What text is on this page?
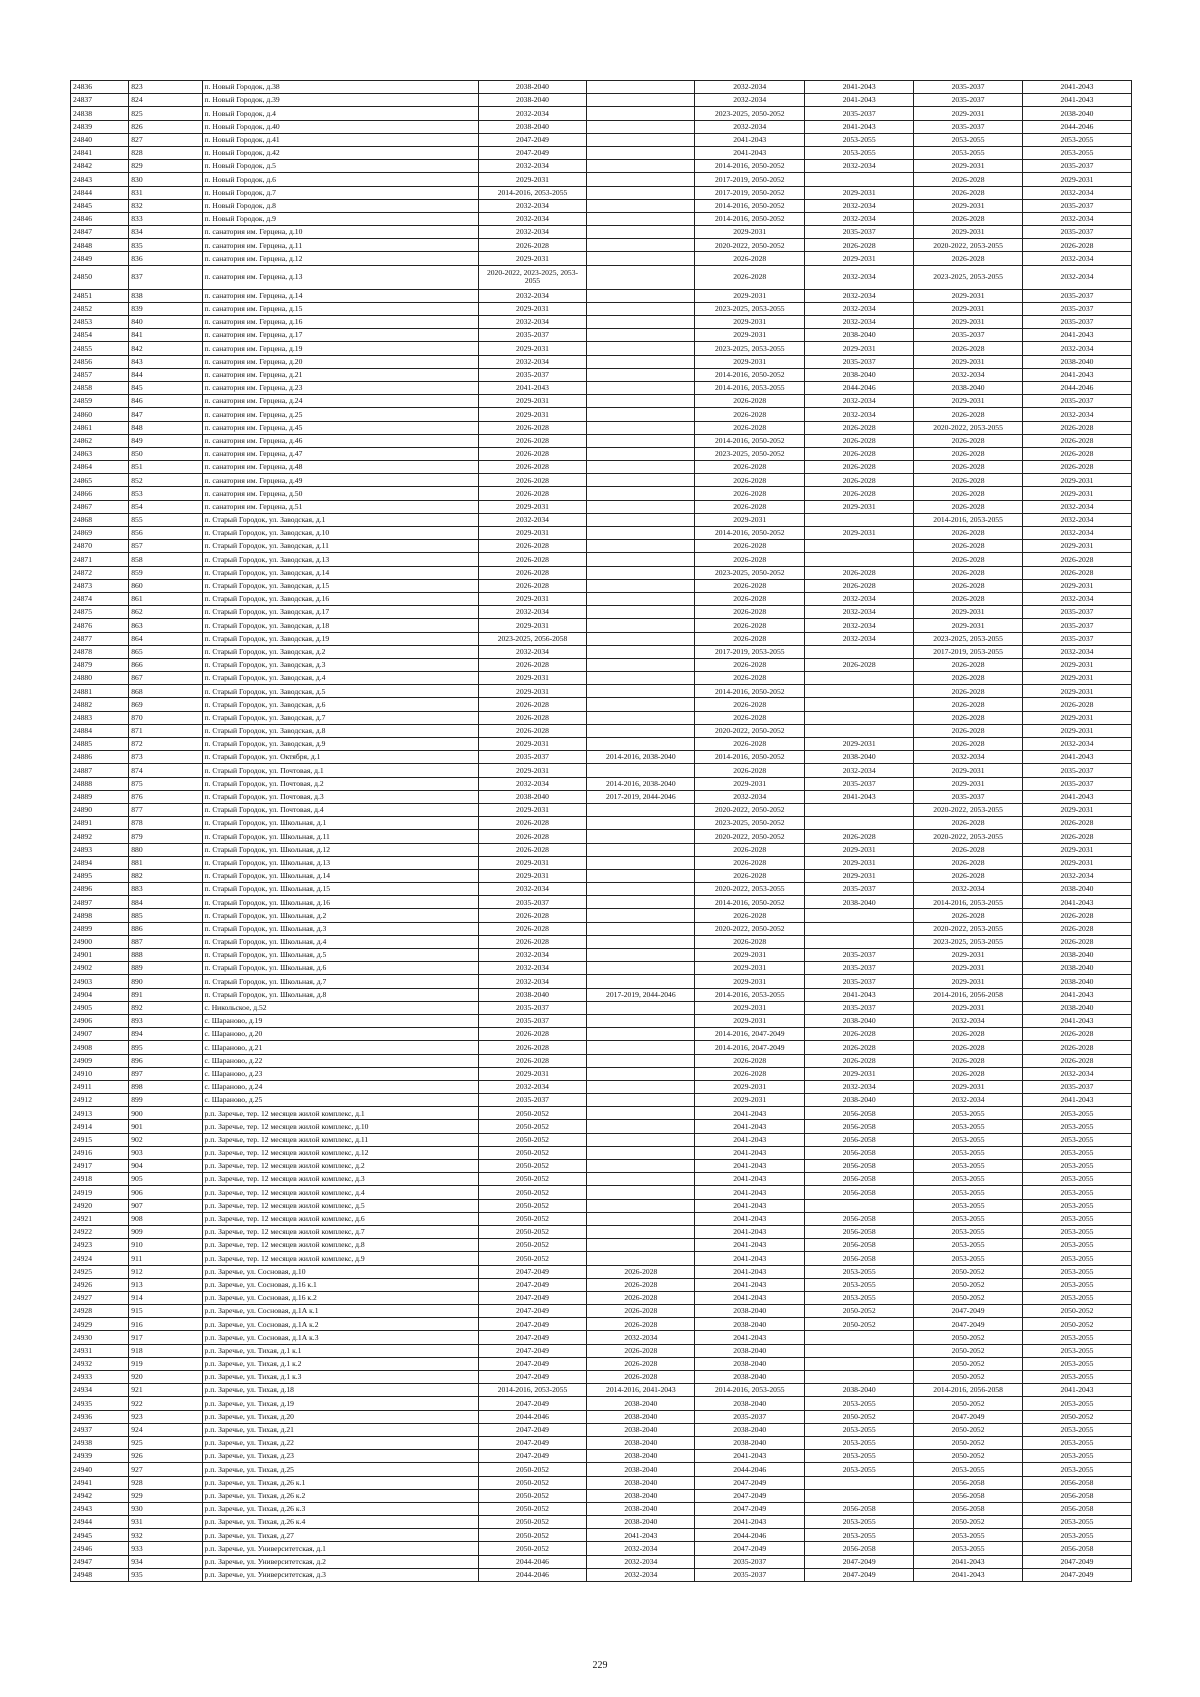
24836	823	п. Новый Городок, д.38	2038-2040		2032-2034	2041-2043	2035-2037	2041-2043
24837	824	п. Новый Городок, д.39	2038-2040		2032-2034	2041-2043	2035-2037	2041-2043
24838	825	п. Новый Городок, д.4	2032-2034		2023-2025, 2050-2052	2035-2037	2029-2031	2038-2040
24839	826	п. Новый Городок, д.40	2038-2040		2032-2034	2041-2043	2035-2037	2044-2046
24840	827	п. Новый Городок, д.41	2047-2049		2041-2043	2053-2055	2053-2055	2053-2055
24841	828	п. Новый Городок, д.42	2047-2049		2041-2043	2053-2055	2053-2055	2053-2055
24842	829	п. Новый Городок, д.5	2032-2034		2014-2016, 2050-2052	2032-2034	2029-2031	2035-2037
24843	830	п. Новый Городок, д.6	2029-2031		2017-2019, 2050-2052		2026-2028	2029-2031
24844	831	п. Новый Городок, д.7	2014-2016, 2053-2055		2017-2019, 2050-2052	2029-2031	2026-2028	2032-2034
24845	832	п. Новый Городок, д.8	2032-2034		2014-2016, 2050-2052	2032-2034	2029-2031	2035-2037
24846	833	п. Новый Городок, д.9	2032-2034		2014-2016, 2050-2052	2032-2034	2026-2028	2032-2034
24847	834	п. санатория им. Герцена, д.10	2032-2034		2029-2031	2035-2037	2029-2031	2035-2037
24848	835	п. санатория им. Герцена, д.11	2026-2028		2020-2022, 2050-2052	2026-2028	2020-2022, 2053-2055	2026-2028
24849	836	п. санатория им. Герцена, д.12	2029-2031		2026-2028	2029-2031	2026-2028	2032-2034
24850	837	п. санатория им. Герцена, д.13	2020-2022, 2023-2025, 2053-2055		2026-2028	2032-2034	2023-2025, 2053-2055	2032-2034
24851	838	п. санатория им. Герцена, д.14	2032-2034		2029-2031	2032-2034	2029-2031	2035-2037
24852	839	п. санатория им. Герцена, д.15	2029-2031		2023-2025, 2053-2055	2032-2034	2029-2031	2035-2037
24853	840	п. санатория им. Герцена, д.16	2032-2034		2029-2031	2032-2034	2029-2031	2035-2037
24854	841	п. санатория им. Герцена, д.17	2035-2037		2029-2031	2038-2040	2035-2037	2041-2043
24855	842	п. санатория им. Герцена, д.19	2029-2031		2023-2025, 2053-2055	2029-2031	2026-2028	2032-2034
24856	843	п. санатория им. Герцена, д.20	2032-2034		2029-2031	2035-2037	2029-2031	2038-2040
24857	844	п. санатория им. Герцена, д.21	2035-2037		2014-2016, 2050-2052	2038-2040	2032-2034	2041-2043
24858	845	п. санатория им. Герцена, д.23	2041-2043		2014-2016, 2053-2055	2044-2046	2038-2040	2044-2046
24859	846	п. санатория им. Герцена, д.24	2029-2031		2026-2028	2032-2034	2029-2031	2035-2037
24860	847	п. санатория им. Герцена, д.25	2029-2031		2026-2028	2032-2034	2026-2028	2032-2034
24861	848	п. санатория им. Герцена, д.45	2026-2028		2026-2028	2026-2028	2020-2022, 2053-2055	2026-2028
24862	849	п. санатория им. Герцена, д.46	2026-2028		2014-2016, 2050-2052	2026-2028	2026-2028	2026-2028
24863	850	п. санатория им. Герцена, д.47	2026-2028		2023-2025, 2050-2052	2026-2028	2026-2028	2026-2028
24864	851	п. санатория им. Герцена, д.48	2026-2028		2026-2028	2026-2028	2026-2028	2026-2028
24865	852	п. санатория им. Герцена, д.49	2026-2028		2026-2028	2026-2028	2026-2028	2029-2031
24866	853	п. санатория им. Герцена, д.50	2026-2028		2026-2028	2026-2028	2026-2028	2029-2031
24867	854	п. санатория им. Герцена, д.51	2029-2031		2026-2028	2029-2031	2026-2028	2032-2034
24868	855	п. Старый Городок, ул. Заводская, д.1	2032-2034		2029-2031		2014-2016, 2053-2055	2032-2034
24869	856	п. Старый Городок, ул. Заводская, д.10	2029-2031		2014-2016, 2050-2052	2029-2031	2026-2028	2032-2034
24870	857	п. Старый Городок, ул. Заводская, д.11	2026-2028		2026-2028		2026-2028	2029-2031
24871	858	п. Старый Городок, ул. Заводская, д.13	2026-2028		2026-2028		2026-2028	2026-2028
24872	859	п. Старый Городок, ул. Заводская, д.14	2026-2028		2023-2025, 2050-2052	2026-2028	2026-2028	2026-2028
24873	860	п. Старый Городок, ул. Заводская, д.15	2026-2028		2026-2028	2026-2028	2026-2028	2029-2031
24874	861	п. Старый Городок, ул. Заводская, д.16	2029-2031		2026-2028	2032-2034	2026-2028	2032-2034
24875	862	п. Старый Городок, ул. Заводская, д.17	2032-2034		2026-2028	2032-2034	2029-2031	2035-2037
24876	863	п. Старый Городок, ул. Заводская, д.18	2029-2031		2026-2028	2032-2034	2029-2031	2035-2037
24877	864	п. Старый Городок, ул. Заводская, д.19	2023-2025, 2056-2058		2026-2028	2032-2034	2023-2025, 2053-2055	2035-2037
24878	865	п. Старый Городок, ул. Заводская, д.2	2032-2034		2017-2019, 2053-2055		2017-2019, 2053-2055	2032-2034
24879	866	п. Старый Городок, ул. Заводская, д.3	2026-2028		2026-2028	2026-2028	2026-2028	2029-2031
24880	867	п. Старый Городок, ул. Заводская, д.4	2029-2031		2026-2028		2026-2028	2029-2031
24881	868	п. Старый Городок, ул. Заводская, д.5	2029-2031		2014-2016, 2050-2052		2026-2028	2029-2031
24882	869	п. Старый Городок, ул. Заводская, д.6	2026-2028		2026-2028		2026-2028	2026-2028
24883	870	п. Старый Городок, ул. Заводская, д.7	2026-2028		2026-2028		2026-2028	2029-2031
24884	871	п. Старый Городок, ул. Заводская, д.8	2026-2028		2020-2022, 2050-2052		2026-2028	2029-2031
24885	872	п. Старый Городок, ул. Заводская, д.9	2029-2031		2026-2028	2029-2031	2026-2028	2032-2034
24886	873	п. Старый Городок, ул. Октября, д.1	2035-2037	2014-2016, 2038-2040	2014-2016, 2050-2052	2038-2040	2032-2034	2041-2043
24887	874	п. Старый Городок, ул. Почтовая, д.1	2029-2031		2026-2028	2032-2034	2029-2031	2035-2037
24888	875	п. Старый Городок, ул. Почтовая, д.2	2032-2034	2014-2016, 2038-2040	2029-2031	2035-2037	2029-2031	2035-2037
24889	876	п. Старый Городок, ул. Почтовая, д.3	2038-2040	2017-2019, 2044-2046	2032-2034	2041-2043	2035-2037	2041-2043
24890	877	п. Старый Городок, ул. Почтовая, д.4	2029-2031		2020-2022, 2050-2052		2020-2022, 2053-2055	2029-2031
24891	878	п. Старый Городок, ул. Школьная, д.1	2026-2028		2023-2025, 2050-2052		2026-2028	2026-2028
24892	879	п. Старый Городок, ул. Школьная, д.11	2026-2028		2020-2022, 2050-2052	2026-2028	2020-2022, 2053-2055	2026-2028
24893	880	п. Старый Городок, ул. Школьная, д.12	2026-2028		2026-2028	2029-2031	2026-2028	2029-2031
24894	881	п. Старый Городок, ул. Школьная, д.13	2029-2031		2026-2028	2029-2031	2026-2028	2029-2031
24895	882	п. Старый Городок, ул. Школьная, д.14	2029-2031		2026-2028	2029-2031	2026-2028	2032-2034
24896	883	п. Старый Городок, ул. Школьная, д.15	2032-2034		2020-2022, 2053-2055	2035-2037	2032-2034	2038-2040
24897	884	п. Старый Городок, ул. Школьная, д.16	2035-2037		2014-2016, 2050-2052	2038-2040	2014-2016, 2053-2055	2041-2043
24898	885	п. Старый Городок, ул. Школьная, д.2	2026-2028		2026-2028		2026-2028	2026-2028
24899	886	п. Старый Городок, ул. Школьная, д.3	2026-2028		2020-2022, 2050-2052		2020-2022, 2053-2055	2026-2028
24900	887	п. Старый Городок, ул. Школьная, д.4	2026-2028		2026-2028		2023-2025, 2053-2055	2026-2028
24901	888	п. Старый Городок, ул. Школьная, д.5	2032-2034		2029-2031	2035-2037	2029-2031	2038-2040
24902	889	п. Старый Городок, ул. Школьная, д.6	2032-2034		2029-2031	2035-2037	2029-2031	2038-2040
24903	890	п. Старый Городок, ул. Школьная, д.7	2032-2034		2029-2031	2035-2037	2029-2031	2038-2040
24904	891	п. Старый Городок, ул. Школьная, д.8	2038-2040	2017-2019, 2044-2046	2014-2016, 2053-2055	2041-2043	2014-2016, 2056-2058	2041-2043
24905	892	с. Никольское, д.52	2035-2037		2029-2031	2035-2037	2029-2031	2038-2040
24906	893	с. Шараново, д.19	2035-2037		2029-2031	2038-2040	2032-2034	2041-2043
24907	894	с. Шараново, д.20	2026-2028		2014-2016, 2047-2049	2026-2028	2026-2028	2026-2028
24908	895	с. Шараново, д.21	2026-2028		2014-2016, 2047-2049	2026-2028	2026-2028	2026-2028
24909	896	с. Шараново, д.22	2026-2028		2026-2028	2026-2028	2026-2028	2026-2028
24910	897	с. Шараново, д.23	2029-2031		2026-2028	2029-2031	2026-2028	2032-2034
24911	898	с. Шараново, д.24	2032-2034		2029-2031	2032-2034	2029-2031	2035-2037
24912	899	с. Шараново, д.25	2035-2037		2029-2031	2038-2040	2032-2034	2041-2043
24913	900	р.п. Заречье, тер. 12 месяцев жилой комплекс, д.1	2050-2052		2041-2043	2056-2058	2053-2055	2053-2055
24914	901	р.п. Заречье, тер. 12 месяцев жилой комплекс, д.10	2050-2052		2041-2043	2056-2058	2053-2055	2053-2055
24915	902	р.п. Заречье, тер. 12 месяцев жилой комплекс, д.11	2050-2052		2041-2043	2056-2058	2053-2055	2053-2055
24916	903	р.п. Заречье, тер. 12 месяцев жилой комплекс, д.12	2050-2052		2041-2043	2056-2058	2053-2055	2053-2055
24917	904	р.п. Заречье, тер. 12 месяцев жилой комплекс, д.2	2050-2052		2041-2043	2056-2058	2053-2055	2053-2055
24918	905	р.п. Заречье, тер. 12 месяцев жилой комплекс, д.3	2050-2052		2041-2043	2056-2058	2053-2055	2053-2055
24919	906	р.п. Заречье, тер. 12 месяцев жилой комплекс, д.4	2050-2052		2041-2043	2056-2058	2053-2055	2053-2055
24920	907	р.п. Заречье, тер. 12 месяцев жилой комплекс, д.5	2050-2052		2041-2043		2053-2055	2053-2055
24921	908	р.п. Заречье, тер. 12 месяцев жилой комплекс, д.6	2050-2052		2041-2043	2056-2058	2053-2055	2053-2055
24922	909	р.п. Заречье, тер. 12 месяцев жилой комплекс, д.7	2050-2052		2041-2043	2056-2058	2053-2055	2053-2055
24923	910	р.п. Заречье, тер. 12 месяцев жилой комплекс, д.8	2050-2052		2041-2043	2056-2058	2053-2055	2053-2055
24924	911	р.п. Заречье, тер. 12 месяцев жилой комплекс, д.9	2050-2052		2041-2043	2056-2058	2053-2055	2053-2055
24925	912	р.п. Заречье, ул. Сосновая, д.10	2047-2049	2026-2028	2041-2043	2053-2055	2050-2052	2053-2055
24926	913	р.п. Заречье, ул. Сосновая, д.16 к.1	2047-2049	2026-2028	2041-2043	2053-2055	2050-2052	2053-2055
24927	914	р.п. Заречье, ул. Сосновая, д.16 к.2	2047-2049	2026-2028	2041-2043	2053-2055	2050-2052	2053-2055
24928	915	р.п. Заречье, ул. Сосновая, д.1А к.1	2047-2049	2026-2028	2038-2040	2050-2052	2047-2049	2050-2052
24929	916	р.п. Заречье, ул. Сосновая, д.1А к.2	2047-2049	2026-2028	2038-2040	2050-2052	2047-2049	2050-2052
24930	917	р.п. Заречье, ул. Сосновая, д.1А к.3	2047-2049	2032-2034	2041-2043		2050-2052	2053-2055
24931	918	р.п. Заречье, ул. Тихая, д.1 к.1	2047-2049	2026-2028	2038-2040		2050-2052	2053-2055
24932	919	р.п. Заречье, ул. Тихая, д.1 к.2	2047-2049	2026-2028	2038-2040		2050-2052	2053-2055
24933	920	р.п. Заречье, ул. Тихая, д.1 к.3	2047-2049	2026-2028	2038-2040		2050-2052	2053-2055
24934	921	р.п. Заречье, ул. Тихая, д.18	2014-2016, 2053-2055	2014-2016, 2041-2043	2014-2016, 2053-2055	2038-2040	2014-2016, 2056-2058	2041-2043
24935	922	р.п. Заречье, ул. Тихая, д.19	2047-2049	2038-2040	2038-2040	2053-2055	2050-2052	2053-2055
24936	923	р.п. Заречье, ул. Тихая, д.20	2044-2046	2038-2040	2035-2037	2050-2052	2047-2049	2050-2052
24937	924	р.п. Заречье, ул. Тихая, д.21	2047-2049	2038-2040	2038-2040	2053-2055	2050-2052	2053-2055
24938	925	р.п. Заречье, ул. Тихая, д.22	2047-2049	2038-2040	2038-2040	2053-2055	2050-2052	2053-2055
24939	926	р.п. Заречье, ул. Тихая, д.23	2047-2049	2038-2040	2041-2043	2053-2055	2050-2052	2053-2055
24940	927	р.п. Заречье, ул. Тихая, д.25	2050-2052	2038-2040	2044-2046	2053-2055	2053-2055	2053-2055
24941	928	р.п. Заречье, ул. Тихая, д.26 к.1	2050-2052	2038-2040	2047-2049		2056-2058	2056-2058
24942	929	р.п. Заречье, ул. Тихая, д.26 к.2	2050-2052	2038-2040	2047-2049		2056-2058	2056-2058
24943	930	р.п. Заречье, ул. Тихая, д.26 к.3	2050-2052	2038-2040	2047-2049	2056-2058	2056-2058	2056-2058
24944	931	р.п. Заречье, ул. Тихая, д.26 к.4	2050-2052	2038-2040	2041-2043	2053-2055	2050-2052	2053-2055
24945	932	р.п. Заречье, ул. Тихая, д.27	2050-2052	2041-2043	2044-2046	2053-2055	2053-2055	2053-2055
24946	933	р.п. Заречье, ул. Университетская, д.1	2050-2052	2032-2034	2047-2049	2056-2058	2053-2055	2056-2058
24947	934	р.п. Заречье, ул. Университетская, д.2	2044-2046	2032-2034	2035-2037	2047-2049	2041-2043	2047-2049
24948	935	р.п. Заречье, ул. Университетская, д.3	2044-2046	2032-2034	2035-2037	2047-2049	2041-2043	2047-2049
229
